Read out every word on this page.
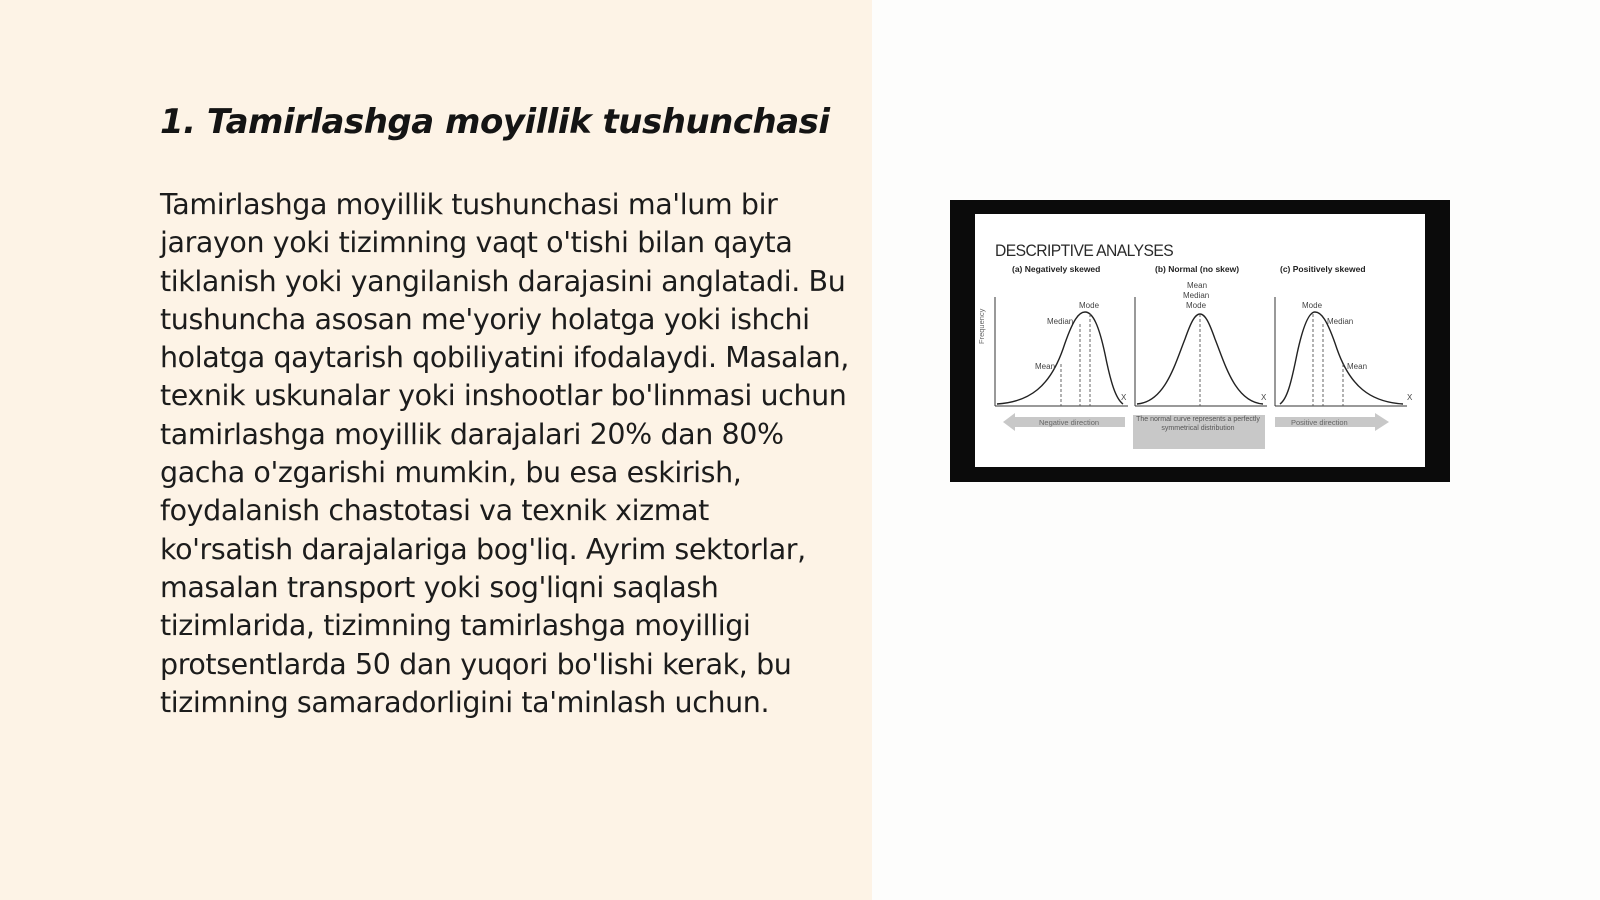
1. Tamirlashga moyillik tushunchasi

Tamirlashga moyillik tushunchasi ma'lum bir jarayon yoki tizimning vaqt o'tishi bilan qayta tiklanish yoki yangilanish darajasini anglatadi. Bu tushuncha asosan me'yoriy holatga yoki ishchi holatga qaytarish qobiliyatini ifodalaydi. Masalan, texnik uskunalar yoki inshootlar bo'linmasi uchun tamirlashga moyillik darajalari 20% dan 80% gacha o'zgarishi mumkin, bu esa eskirish, foydalanish chastotasi va texnik xizmat ko'rsatish darajalariga bog'liq. Ayrim sektorlar, masalan transport yoki sog'liqni saqlash tizimlarida, tizimning tamirlashga moyilligi protsentlarda 50 dan yuqori bo'lishi kerak, bu tizimning samaradorligini ta'minlash uchun.

DESCRIPTIVE ANALYSES
(a) Negatively skewed	(b) Normal (no skew)	(c) Positively skewed
Frequency
Mode
Median
Mean
X
Mean
Median
Mode
X
Mode
Median
Mean
X
Negative direction	The normal curve represents a perfectly symmetrical distribution
Positive direction
